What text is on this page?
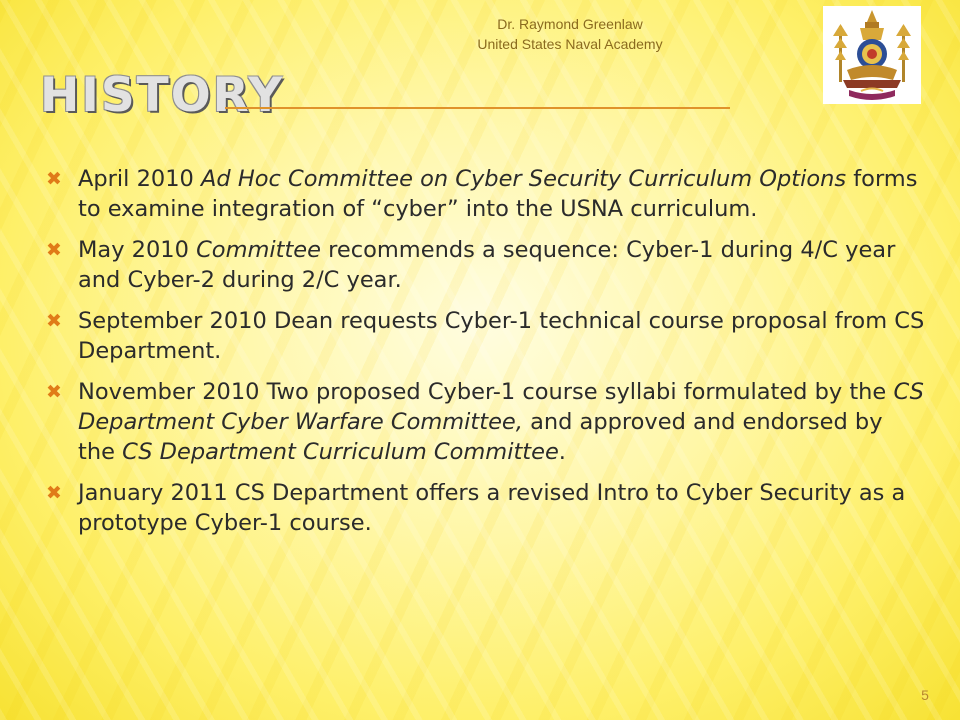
Dr. Raymond Greenlaw
United States Naval Academy
HISTORY
✖ April 2010 Ad Hoc Committee on Cyber Security Curriculum Options forms to examine integration of “cyber” into the USNA curriculum.
✖ May 2010 Committee recommends a sequence: Cyber-1 during 4/C year and Cyber-2 during 2/C year.
✖ September 2010 Dean requests Cyber-1 technical course proposal from CS Department.
✖ November 2010 Two proposed Cyber-1 course syllabi formulated by the CS Department Cyber Warfare Committee, and approved and endorsed by the CS Department Curriculum Committee.
✖ January 2011 CS Department offers a revised Intro to Cyber Security as a prototype Cyber-1 course.
5
